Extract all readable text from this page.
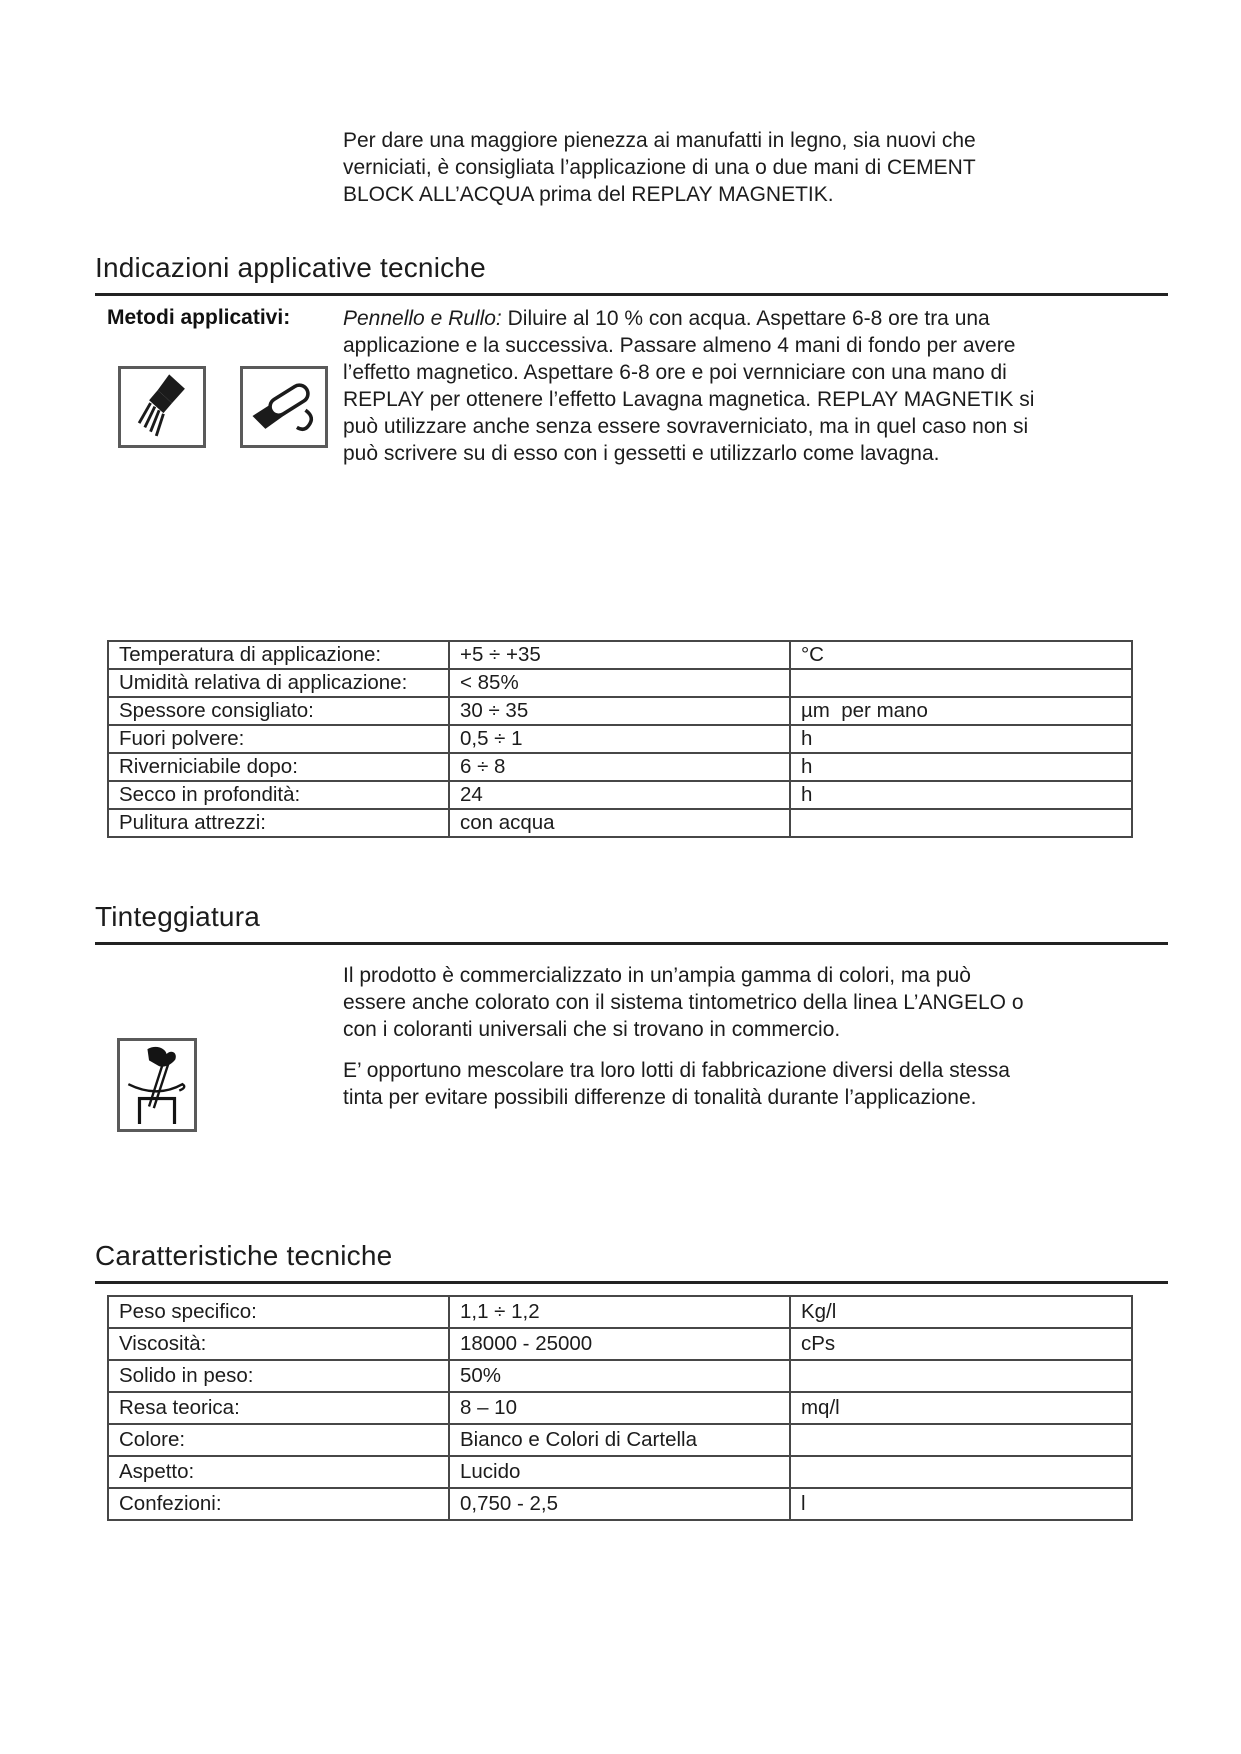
Per dare una maggiore pienezza ai manufatti in legno, sia nuovi che verniciati, è consigliata l’applicazione di una o due mani di CEMENT BLOCK ALL’ACQUA prima del REPLAY MAGNETIK.
Indicazioni applicative tecniche
Metodi applicativi:	Pennello e Rullo: Diluire al 10 % con acqua. Aspettare 6-8 ore tra una applicazione e la successiva. Passare almeno 4 mani di fondo per avere l’effetto magnetico. Aspettare 6-8 ore e poi vernniciare con una mano di REPLAY per ottenere l’effetto Lavagna magnetica. REPLAY MAGNETIK si può utilizzare anche senza essere sovraverniciato, ma in quel caso non si può scrivere su di esso con i gessetti e utilizzarlo come lavagna.
Temperatura di applicazione:	+5 ÷ +35	°C
Umidità relativa di applicazione:	< 85%	
Spessore consigliato:	30 ÷ 35	µm  per mano
Fuori polvere:	0,5 ÷ 1	h
Riverniciabile dopo:	6 ÷ 8	h
Secco in profondità:	24	h
Pulitura attrezzi:	con acqua	
Tinteggiatura
Il prodotto è commercializzato in un’ampia gamma di colori, ma può essere anche colorato con il sistema tintometrico della linea L’ANGELO o con i coloranti universali che si trovano in commercio.
E’ opportuno mescolare tra loro lotti di fabbricazione diversi della stessa tinta per evitare possibili differenze di tonalità durante l’applicazione.
Caratteristiche tecniche
Peso specifico:	1,1 ÷ 1,2	Kg/l
Viscosità:	18000 - 25000	cPs
Solido in peso:	50%	
Resa teorica:	8 – 10	mq/l
Colore:	Bianco e Colori di Cartella	
Aspetto:	Lucido	
Confezioni:	0,750 - 2,5	l
